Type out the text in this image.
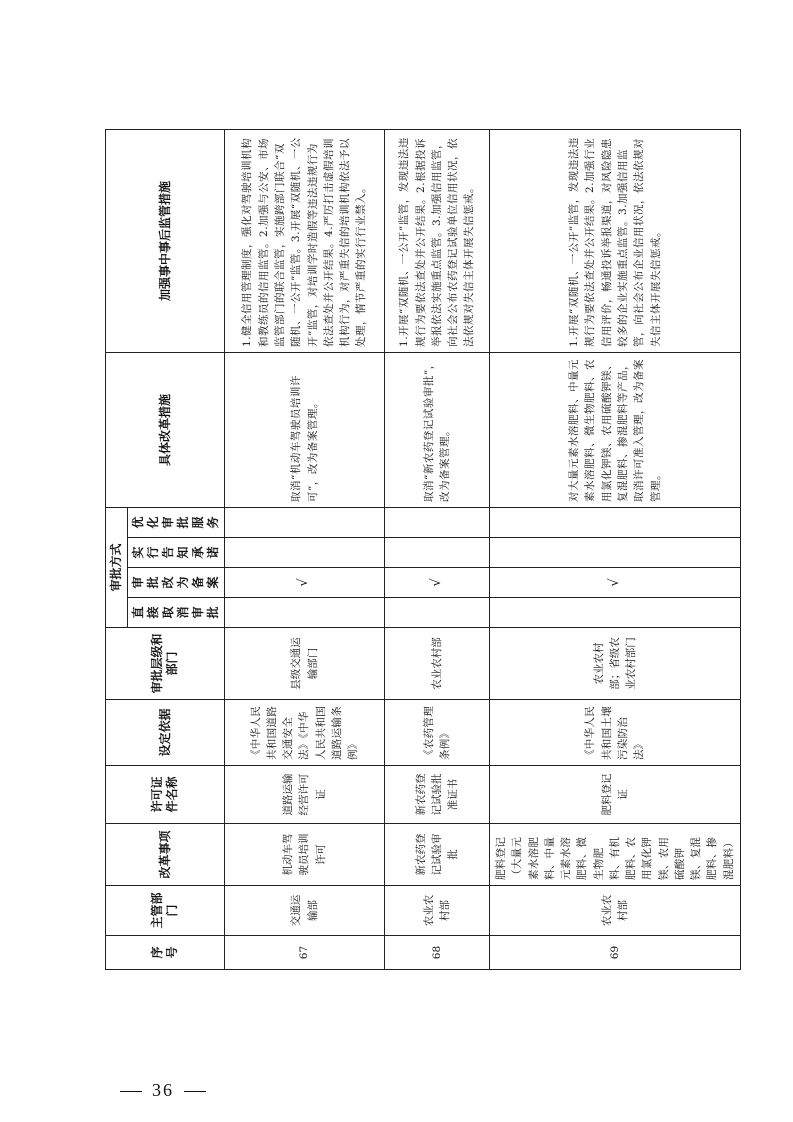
序号	主管部门	改革事项	许可证件名称	设定依据	审批层级和部门	审批方式				具体改革措施	加强事中事后监管措施
						直接取消审批	审批改为备案	实行告知承诺	优化审批服务		
67	交通运输部	机动车驾驶员培训许可	道路运输经营许可证	《中华人民共和国道路交通安全法》《中华人民共和国道路运输条例》	县级交通运输部门		√			取消“机动车驾驶员培训许可”，改为备案管理。	1.健全信用管理制度，强化对驾驶培训机构和教练员的信用监管。2.加强与公安、市场监管部门的联合监管，实施跨部门联合“双随机、一公开”监管。3.开展“双随机、一公开”监管，对培训学时造假等违法违规行为依法查处并公开结果。4.严厉打击虚假培训机构行为，对严重失信的培训机构依法予以处理，情节严重的实行行业禁入。
68	农业农村部	新农药登记试验审批	新农药登记试验批准证书	《农药管理条例》	农业农村部		√			取消“新农药登记试验审批”，改为备案管理。	1.开展“双随机、一公开”监管，发现违法违规行为要依法查处并公开结果。2.根据投诉举报依法实施重点监管。3.加强信用监管，向社会公布农药登记试验单位信用状况，依法依规对失信主体开展失信惩戒。
69	农业农村部	肥料登记（大量元素水溶肥料、中量元素水溶肥料、微生物肥料、有机肥料、农用氯化钾镁、农用硫酸钾镁、复混肥料、掺混肥料）	肥料登记证	《中华人民共和国土壤污染防治法》	农业农村部；省级农业农村部门		√			对大量元素水溶肥料、中量元素水溶肥料、微生物肥料、农用氯化钾镁、农用硫酸钾镁、复混肥料、掺混肥料等产品，取消许可准入管理，改为备案管理。	1.开展“双随机、一公开”监管，发现违法违规行为要依法查处并公开结果。2.加强行业信用评价，畅通投诉举报渠道，对风险隐患较多的企业实施重点监管。3.加强信用监管，向社会公布企业信用状况，依法依规对失信主体开展失信惩戒。
36
